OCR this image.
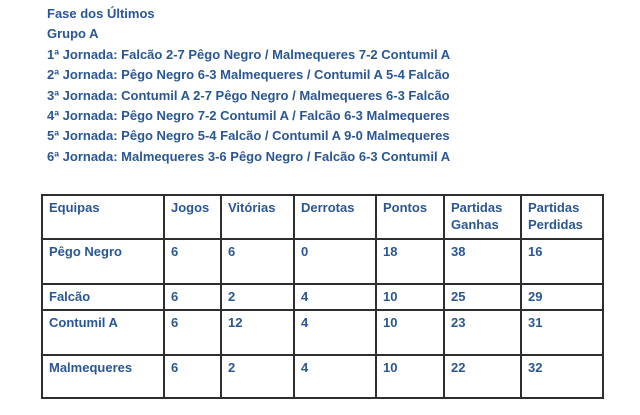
Fase dos Últimos
Grupo A
1ª Jornada: Falcão 2-7 Pêgo Negro / Malmequeres 7-2 Contumil A
2ª Jornada: Pêgo Negro 6-3 Malmequeres / Contumil A 5-4 Falcão
3ª Jornada: Contumil A 2-7 Pêgo Negro / Malmequeres 6-3 Falcão
4ª Jornada: Pêgo Negro 7-2 Contumil A / Falcão 6-3 Malmequeres
5ª Jornada: Pêgo Negro 5-4 Falcão / Contumil A 9-0 Malmequeres
6ª Jornada: Malmequeres 3-6 Pêgo Negro / Falcão 6-3 Contumil A
Equipas	Jogos	Vitórias	Derrotas	Pontos	Partidas Ganhas	Partidas Perdidas
Pêgo Negro	6	6	0	18	38	16
Falcão	6	2	4	10	25	29
Contumil A	6	12	4	10	23	31
Malmequeres	6	2	4	10	22	32
